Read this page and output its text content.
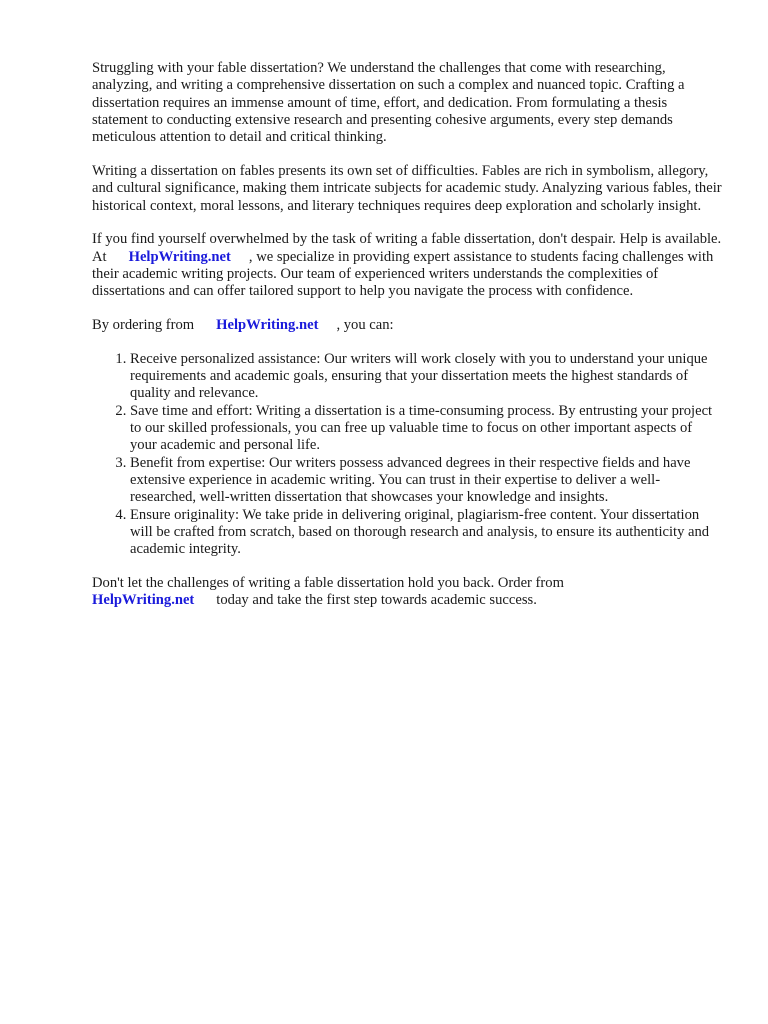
Struggling with your fable dissertation? We understand the challenges that come with researching, analyzing, and writing a comprehensive dissertation on such a complex and nuanced topic. Crafting a dissertation requires an immense amount of time, effort, and dedication. From formulating a thesis statement to conducting extensive research and presenting cohesive arguments, every step demands meticulous attention to detail and critical thinking.

Writing a dissertation on fables presents its own set of difficulties. Fables are rich in symbolism, allegory, and cultural significance, making them intricate subjects for academic study. Analyzing various fables, their historical context, moral lessons, and literary techniques requires deep exploration and scholarly insight.

If you find yourself overwhelmed by the task of writing a fable dissertation, don't despair. Help is available. At HelpWriting.net , we specialize in providing expert assistance to students facing challenges with their academic writing projects. Our team of experienced writers understands the complexities of dissertations and can offer tailored support to help you navigate the process with confidence.

By ordering from HelpWriting.net , you can:

1. Receive personalized assistance: Our writers will work closely with you to understand your unique requirements and academic goals, ensuring that your dissertation meets the highest standards of quality and relevance.
2. Save time and effort: Writing a dissertation is a time-consuming process. By entrusting your project to our skilled professionals, you can free up valuable time to focus on other important aspects of your academic and personal life.
3. Benefit from expertise: Our writers possess advanced degrees in their respective fields and have extensive experience in academic writing. You can trust in their expertise to deliver a well-researched, well-written dissertation that showcases your knowledge and insights.
4. Ensure originality: We take pride in delivering original, plagiarism-free content. Your dissertation will be crafted from scratch, based on thorough research and analysis, to ensure its authenticity and academic integrity.

Don't let the challenges of writing a fable dissertation hold you back. Order from
HelpWriting.net today and take the first step towards academic success.
